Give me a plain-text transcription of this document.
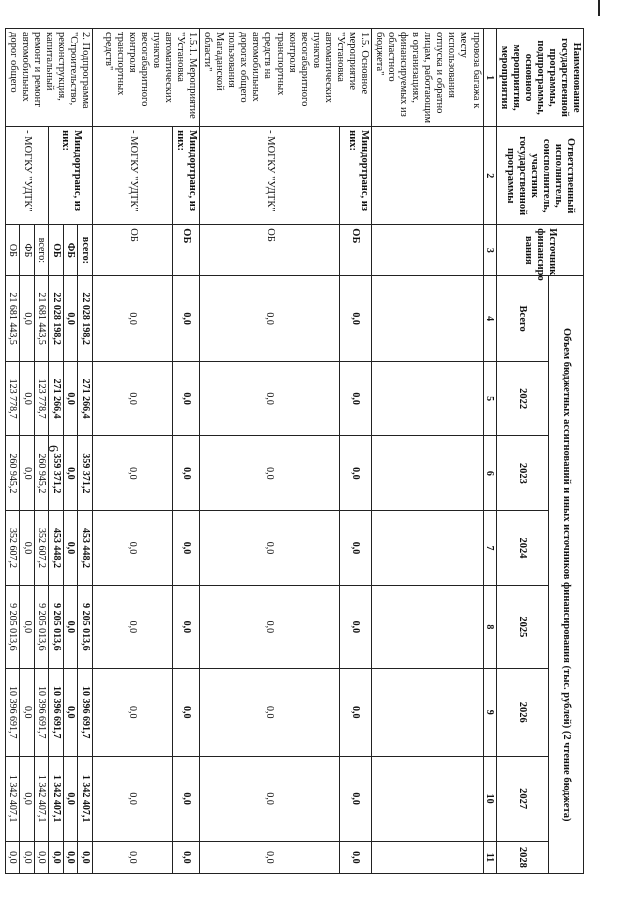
6
Наименование государственной программы, подпрограммы, основного мероприятия, мероприятия	Ответственный исполнитель, соисполнитель, участник государственной программы	Источник финансиро вания	Объем бюджетных ассигнований и иных источников финансирования (тыс. рублей) (2 чтение бюджета)							
			Всего	2022	2023	2024	2025	2026	2027	2028
1	2	3	4	5	6	7	8	9	10	11
провоза багажа к месту использования отпуска и обратно лицам, работающим в организациях, финансируемых из областного бюджета"										
1.5. Основное мероприятие "Установка автоматических пунктов весогабаритного контроля транспортных средств на автомобильных дорогах общего пользования Магаданской области"	Миндортранс, из них:	ОБ	0,0	0,0	0,0	0,0	0,0	0,0	0,0	0,0
	- МОГКУ "УДТК"	ОБ	0,0	0,0	0,0	0,0	0,0	0,0	0,0	0,0
1.5.1. Мероприятие "Установка автоматических пунктов весогабаритного контроля транспортных средств"	Миндортранс, из них:	ОБ	0,0	0,0	0,0	0,0	0,0	0,0	0,0	0,0
	- МОГКУ "УДТК"	ОБ	0,0	0,0	0,0	0,0	0,0	0,0	0,0	0,0
2. Подпрограмма "Строительство, реконструкция, капитальный ремонт и ремонт автомобильных дорог общего	Миндортранс, из них:	всего:	22 028 198,2	271 266,4	359 371,2	453 448,2	9 205 013,6	10 396 691,7	1 342 407,1	0,0
		ФБ	0,0	0,0	0,0	0,0	0,0	0,0	0,0	0,0
		ОБ	22 028 198,2	271 266,4	359 371,2	453 448,2	9 205 013,6	10 396 691,7	1 342 407,1	0,0
	- МОГКУ "УДТК"	всего:	21 681 443,5	123 778,7	260 945,2	352 607,2	9 205 013,6	10 396 691,7	1 342 407,1	0,0
		ФБ	0,0	0,0	0,0	0,0	0,0	0,0	0,0	0,0
		ОБ	21 681 443,5	123 778,7	260 945,2	352 607,2	9 205 013,6	10 396 691,7	1 342 407,1	0,0
